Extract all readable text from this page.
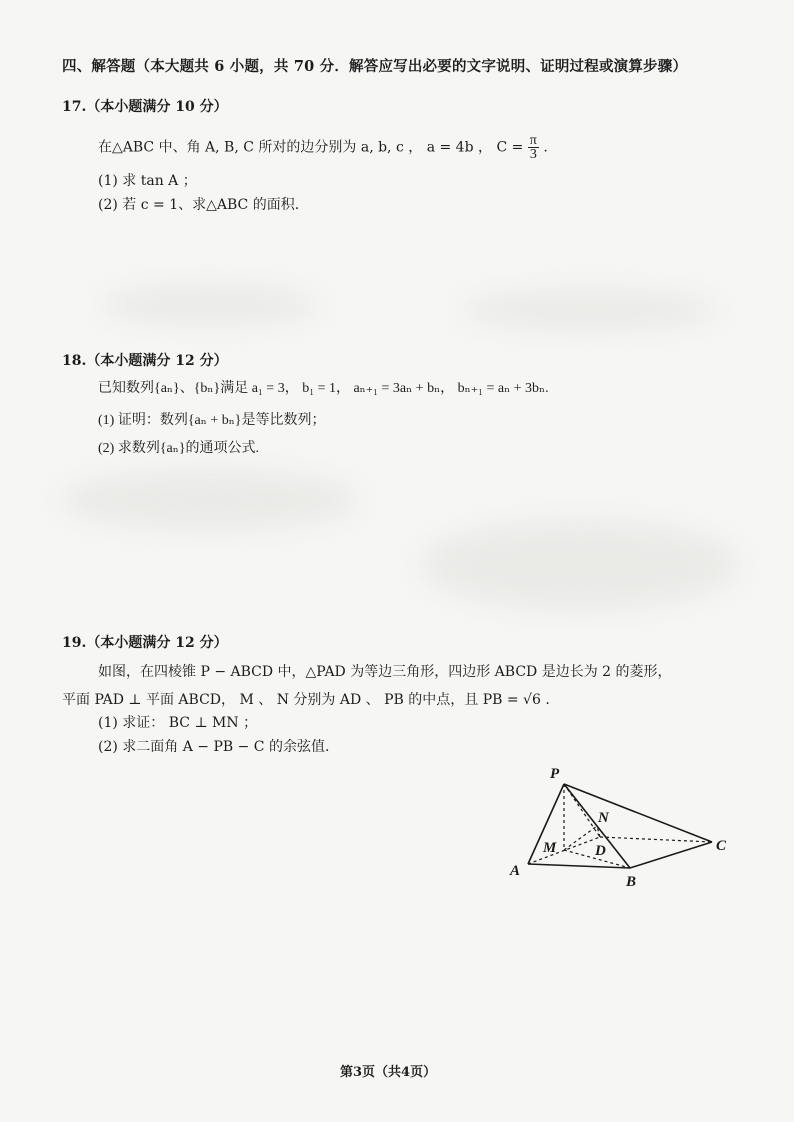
四、解答题（本大题共 6 小题，共 70 分．解答应写出必要的文字说明、证明过程或演算步骤）
17.（本小题满分 10 分）
在△ABC 中、角 A, B, C 所对的边分别为 a, b, c ， a = 4b ， $C = \frac{\pi}{3}$ .
(1) 求 tan A ；
(2) 若 c = 1、求△ABC 的面积.
18.（本小题满分 12 分）
已知数列{aₙ}、{bₙ}满足 a₁ = 3， b₁ = 1， aₙ₊₁ = 3aₙ + bₙ， bₙ₊₁ = aₙ + 3bₙ.
(1) 证明：数列{aₙ + bₙ}是等比数列；
(2) 求数列{aₙ}的通项公式.
19.（本小题满分 12 分）
如图，在四棱锥 P − ABCD 中，△PAD 为等边三角形，四边形 ABCD 是边长为 2 的菱形，
平面 PAD ⊥ 平面 ABCD， M 、 N 分别为 AD 、 PB 的中点，且 PB = √6 .
(1) 求证： BC ⊥ MN ；
(2) 求二面角 A − PB − C 的余弦值.
P
N
M	D	C
A
B
第3页（共4页）
